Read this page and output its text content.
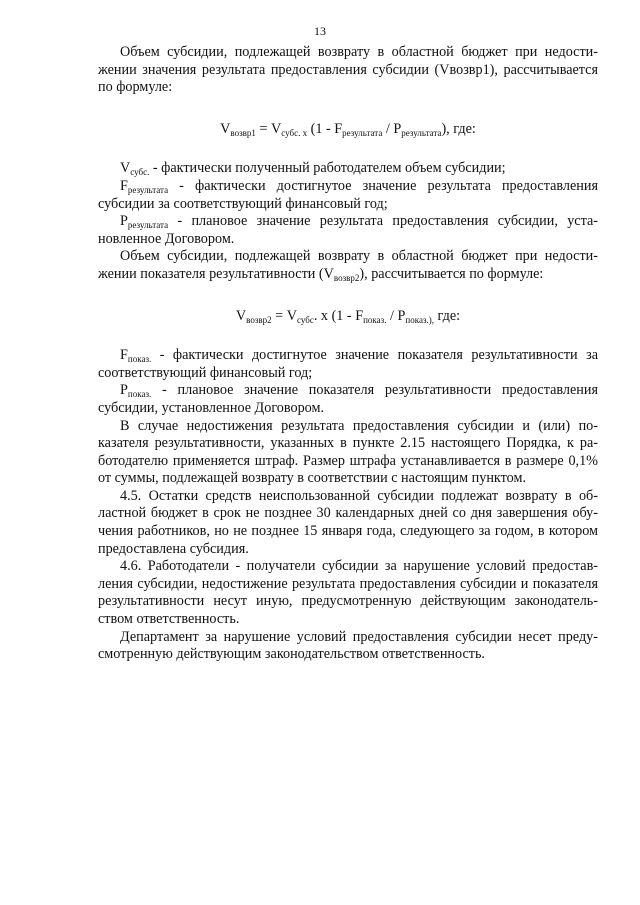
13

Объем субсидии, подлежащей возврату в областной бюджет при недостижении значения результата предоставления субсидии (Vвозвр1), рассчитывается по формуле:

$V_{возвр1} = V_{субс. х}$ $(1 - F_{результата} / P_{результата})$, где:

$V_{субс.}$ - фактически полученный работодателем объем субсидии;

$F_{результата}$ - фактически достигнутое значение результата предоставления субсидии за соответствующий финансовый год;

$P_{результата}$ - плановое значение результата предоставления субсидии, установленное Договором.

Объем субсидии, подлежащей возврату в областной бюджет при недостижении показателя результативности $(V_{возвр2})$, рассчитывается по формуле:

$V_{возвр2} = V_{субс}$. х ($1 - F_{показ.} / P_{показ.),}$ где:

$F_{показ.}$ - фактически достигнутое значение показателя результативности за соответствующий финансовый год;

$P_{показ.}$ - плановое значение показателя результативности предоставления субсидии, установленное Договором.

В случае недостижения результата предоставления субсидии и (или) показателя результативности, указанных в пункте 2.15 настоящего Порядка, к работодателю применяется штраф. Размер штрафа устанавливается в размере 0,1% от суммы, подлежащей возврату в соответствии с настоящим пунктом.

4.5. Остатки средств неиспользованной субсидии подлежат возврату в областной бюджет в срок не позднее 30 календарных дней со дня завершения обучения работников, но не позднее 15 января года, следующего за годом, в котором предоставлена субсидия.

4.6. Работодатели - получатели субсидии за нарушение условий предоставления субсидии, недостижение результата предоставления субсидии и показателя результативности несут иную, предусмотренную действующим законодательством ответственность.

Департамент за нарушение условий предоставления субсидии несет предусмотренную действующим законодательством ответственность.
